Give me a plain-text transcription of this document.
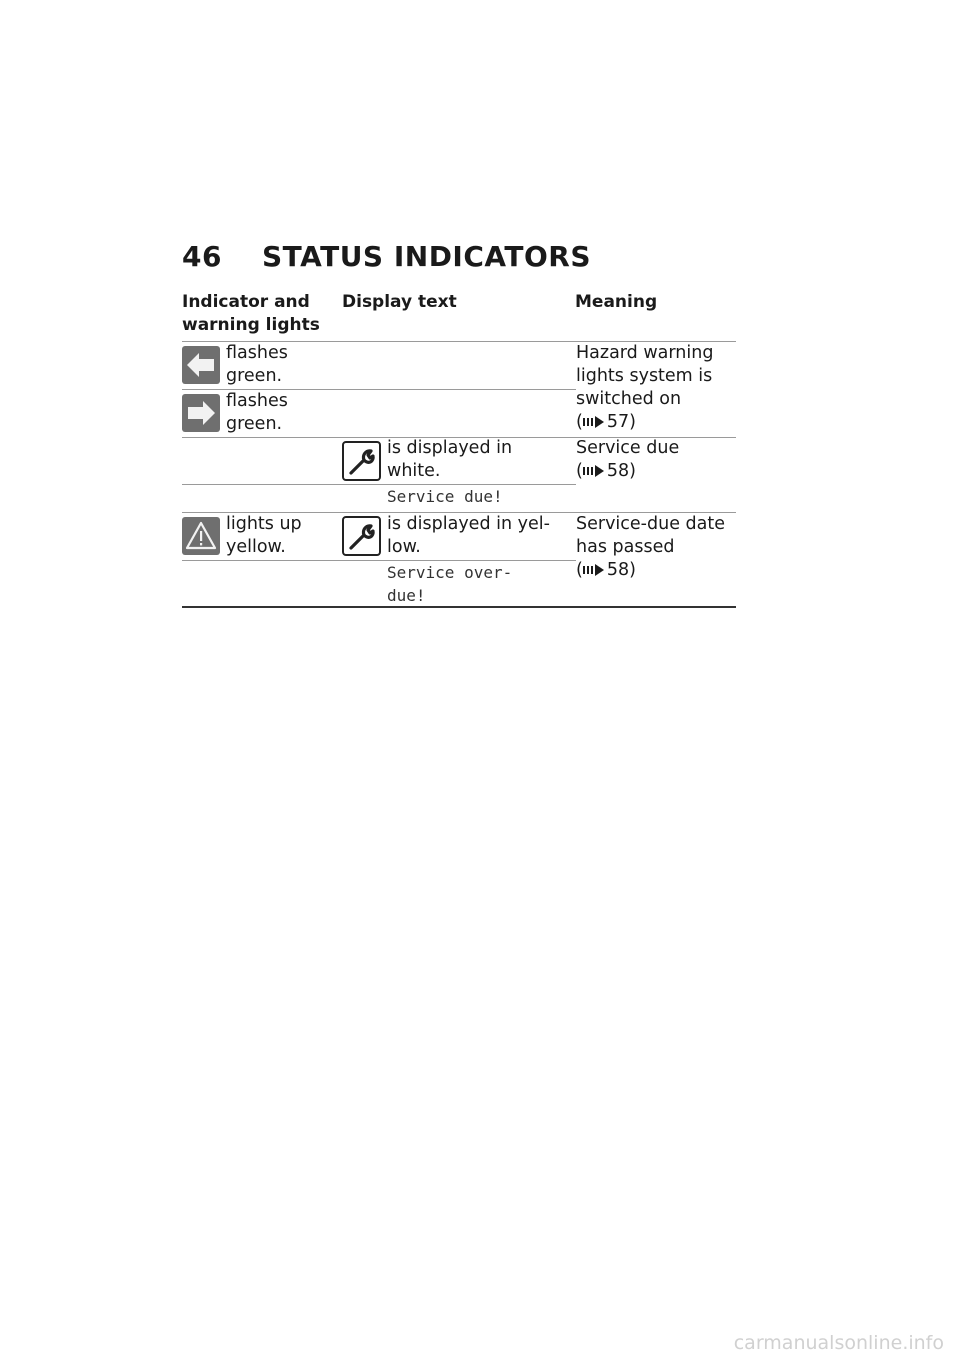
46 STATUS INDICATORS
Indicator and warning lights
Display text	Meaning
flashes green.
flashes green.
Hazard warning lights system is switched on
( 57)
is displayed in white.
Service due!
Service due
( 58)
lights up yellow.
is displayed in yel-low.
Service over-due!
Service-due date has passed
( 58)
carmanualsonline.info
